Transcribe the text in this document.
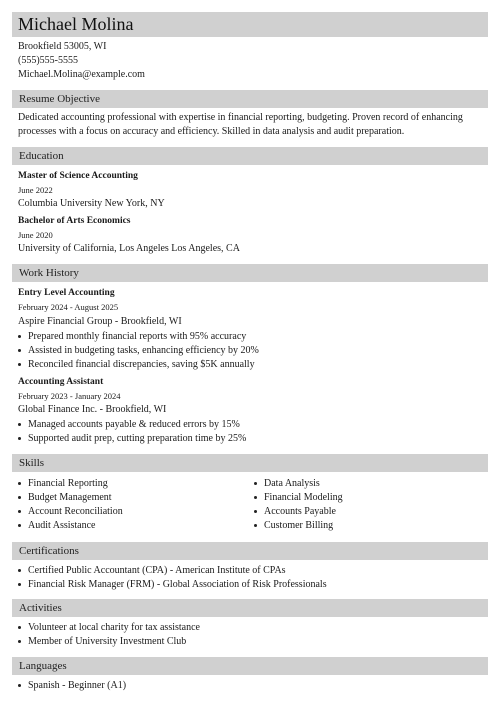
Michael Molina
Brookfield 53005, WI
(555)555-5555
Michael.Molina@example.com
Resume Objective
Dedicated accounting professional with expertise in financial reporting, budgeting. Proven record of enhancing processes with a focus on accuracy and efficiency. Skilled in data analysis and audit preparation.
Education
Master of Science Accounting
June 2022
Columbia University New York, NY
Bachelor of Arts Economics
June 2020
University of California, Los Angeles Los Angeles, CA
Work History
Entry Level Accounting
February 2024 - August 2025
Aspire Financial Group - Brookfield, WI
Prepared monthly financial reports with 95% accuracy
Assisted in budgeting tasks, enhancing efficiency by 20%
Reconciled financial discrepancies, saving $5K annually
Accounting Assistant
February 2023 - January 2024
Global Finance Inc. - Brookfield, WI
Managed accounts payable & reduced errors by 15%
Supported audit prep, cutting preparation time by 25%
Skills
Financial Reporting
Budget Management
Account Reconciliation
Audit Assistance
Data Analysis
Financial Modeling
Accounts Payable
Customer Billing
Certifications
Certified Public Accountant (CPA) - American Institute of CPAs
Financial Risk Manager (FRM) - Global Association of Risk Professionals
Activities
Volunteer at local charity for tax assistance
Member of University Investment Club
Languages
Spanish - Beginner (A1)
